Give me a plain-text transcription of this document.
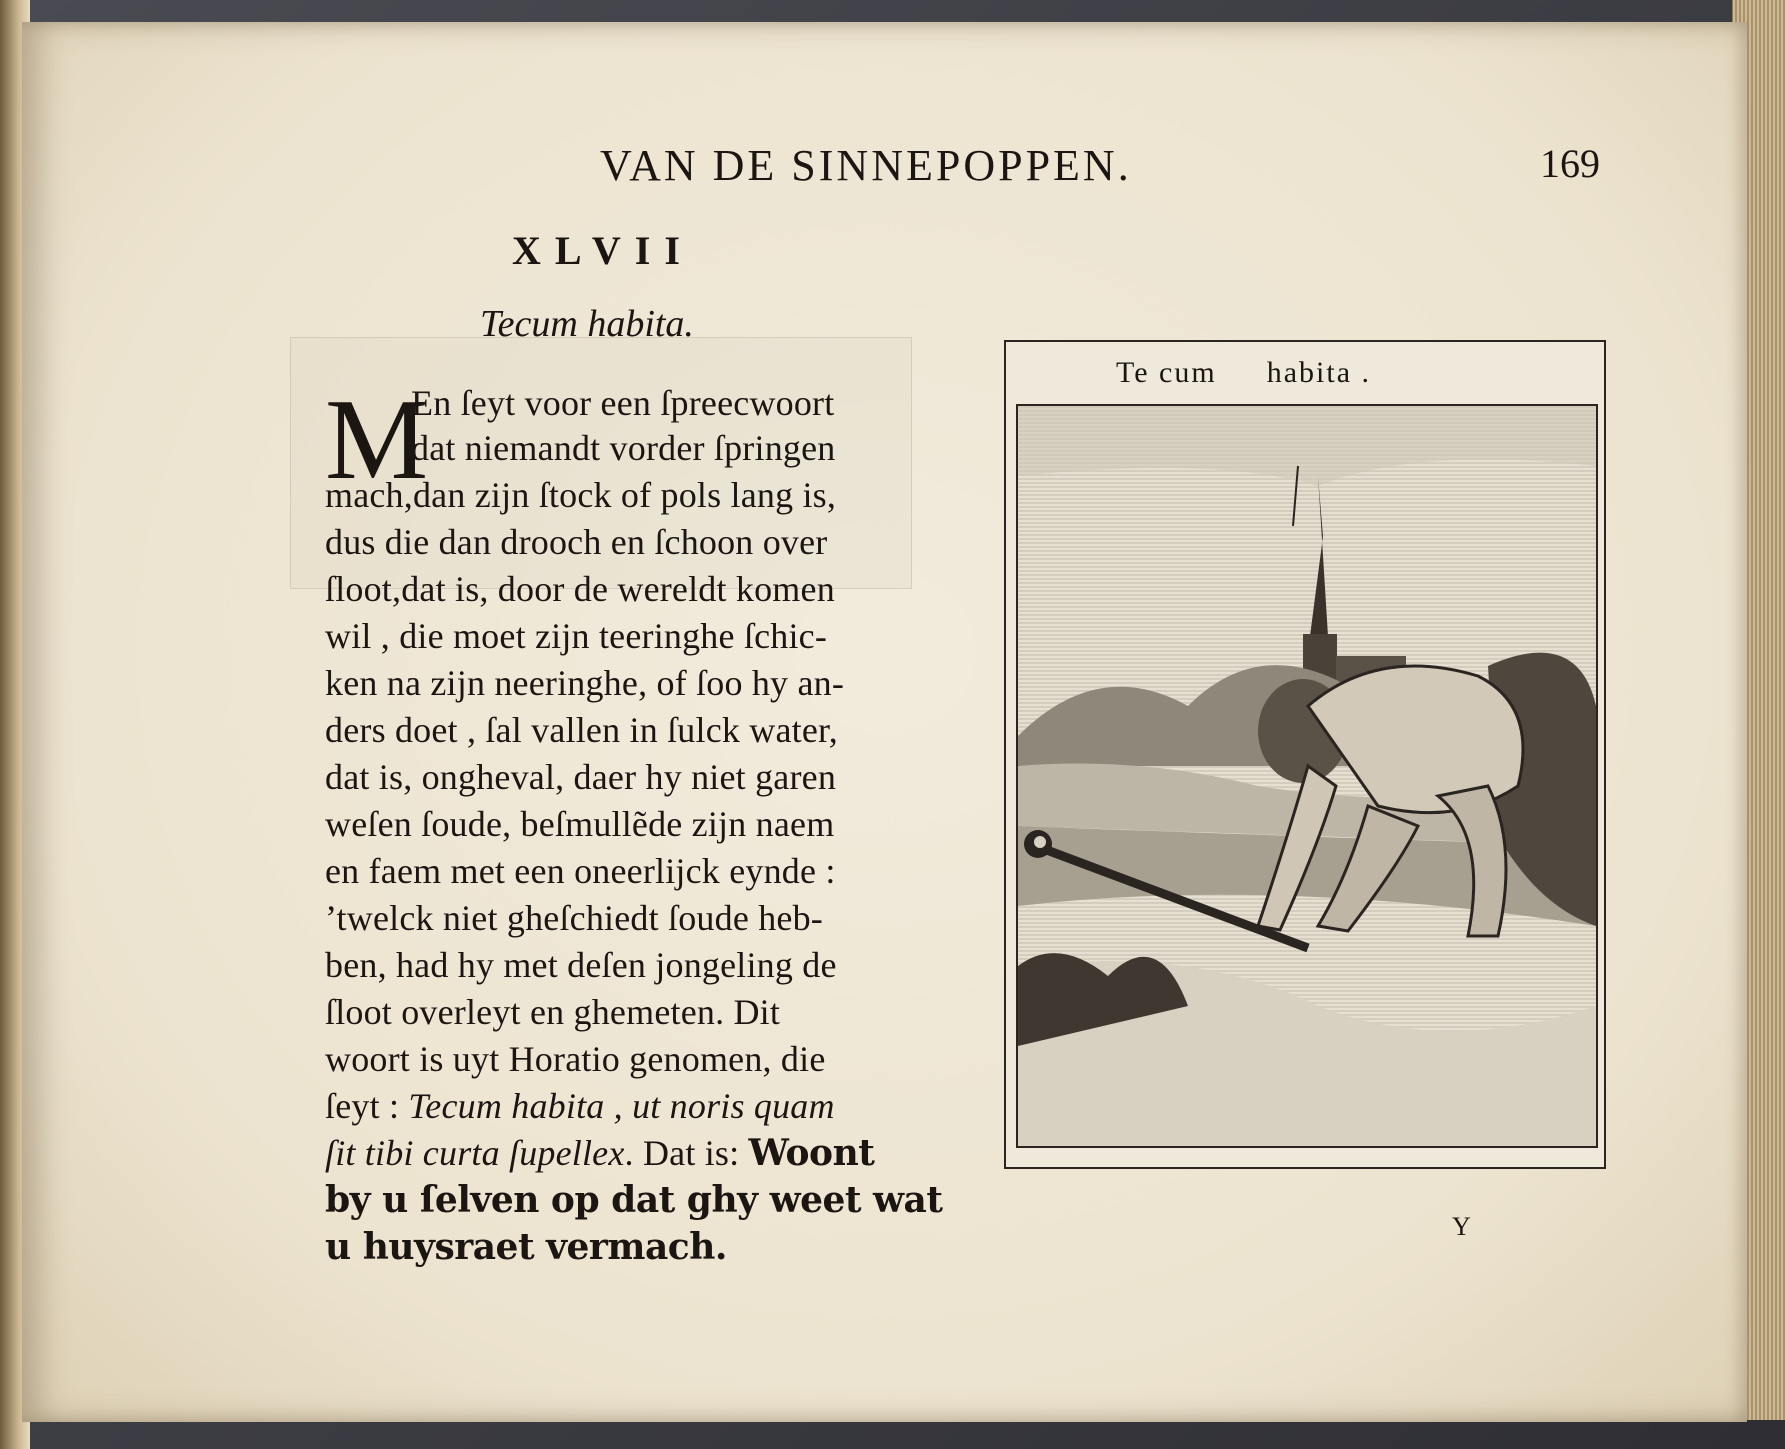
VAN DE SINNEPOPPEN.	169
XLVII
Tecum habita.
M
En ſeyt voor een ſpreecwoort
dat niemandt vorder ſpringen
mach,dan zijn ſtock of pols lang is,
dus die dan drooch en ſchoon over
ſloot,dat is, door de wereldt komen
wil , die moet zijn teeringhe ſchic-
ken na zijn neeringhe, of ſoo hy an-
ders doet , ſal vallen in ſulck water,
dat is, ongheval, daer hy niet garen
weſen ſoude, beſmullẽde zijn naem
en faem met een oneerlijck eynde :
’twelck niet gheſchiedt ſoude heb-
ben, had hy met deſen jongeling de
ſloot overleyt en ghemeten. Dit
woort is uyt Horatio genomen, die
ſeyt : Tecum habita , ut noris quam
ſit tibi curta ſupellex. Dat is: Woont
by u ſelven op dat ghy weet wat
u huysraet vermach.
Te cum habita .
Y
